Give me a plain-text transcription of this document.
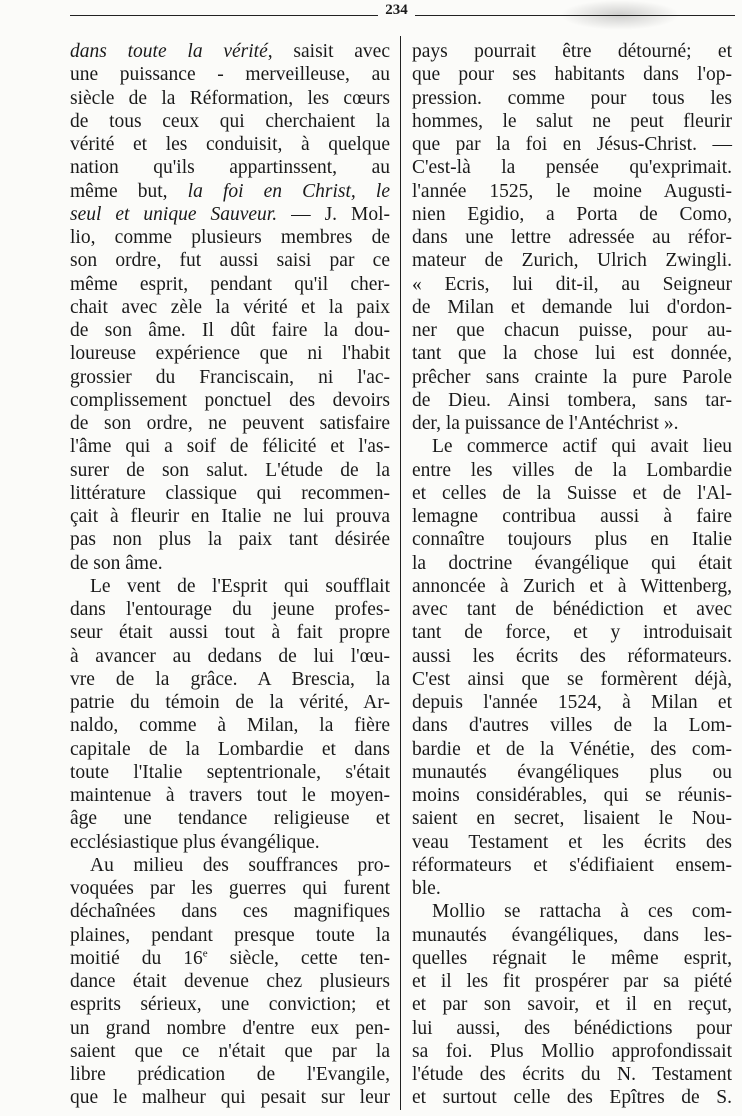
234
dans toute la vérité, saisit avec
une puissance - merveilleuse, au
siècle de la Réformation, les cœurs
de tous ceux qui cherchaient la
vérité et les conduisit, à quelque
nation qu'ils appartinssent, au
même but, la foi en Christ, le
seul et unique Sauveur. — J. Mol-
lio, comme plusieurs membres de
son ordre, fut aussi saisi par ce
même esprit, pendant qu'il cher-
chait avec zèle la vérité et la paix
de son âme. Il dût faire la dou-
loureuse expérience que ni l'habit
grossier du Franciscain, ni l'ac-
complissement ponctuel des devoirs
de son ordre, ne peuvent satisfaire
l'âme qui a soif de félicité et l'as-
surer de son salut. L'étude de la
littérature classique qui recommen-
çait à fleurir en Italie ne lui prouva
pas non plus la paix tant désirée
de son âme.
Le vent de l'Esprit qui soufflait
dans l'entourage du jeune profes-
seur était aussi tout à fait propre
à avancer au dedans de lui l'œu-
vre de la grâce. A Brescia, la
patrie du témoin de la vérité, Ar-
naldo, comme à Milan, la fière
capitale de la Lombardie et dans
toute l'Italie septentrionale, s'était
maintenue à travers tout le moyen-
âge une tendance religieuse et
ecclésiastique plus évangélique.
Au milieu des souffrances pro-
voquées par les guerres qui furent
déchaînées dans ces magnifiques
plaines, pendant presque toute la
moitié du 16e siècle, cette ten-
dance était devenue chez plusieurs
esprits sérieux, une conviction; et
un grand nombre d'entre eux pen-
saient que ce n'était que par la
libre prédication de l'Evangile,
que le malheur qui pesait sur leur
pays pourrait être détourné; et
que pour ses habitants dans l'op-
pression. comme pour tous les
hommes, le salut ne peut fleurir
que par la foi en Jésus-Christ. —
C'est-là la pensée qu'exprimait.
l'année 1525, le moine Augusti-
nien Egidio, a Porta de Como,
dans une lettre adressée au réfor-
mateur de Zurich, Ulrich Zwingli.
« Ecris, lui dit-il, au Seigneur
de Milan et demande lui d'ordon-
ner que chacun puisse, pour au-
tant que la chose lui est donnée,
prêcher sans crainte la pure Parole
de Dieu. Ainsi tombera, sans tar-
der, la puissance de l'Antéchrist ».
Le commerce actif qui avait lieu
entre les villes de la Lombardie
et celles de la Suisse et de l'Al-
lemagne contribua aussi à faire
connaître toujours plus en Italie
la doctrine évangélique qui était
annoncée à Zurich et à Wittenberg,
avec tant de bénédiction et avec
tant de force, et y introduisait
aussi les écrits des réformateurs.
C'est ainsi que se formèrent déjà,
depuis l'année 1524, à Milan et
dans d'autres villes de la Lom-
bardie et de la Vénétie, des com-
munautés évangéliques plus ou
moins considérables, qui se réunis-
saient en secret, lisaient le Nou-
veau Testament et les écrits des
réformateurs et s'édifiaient ensem-
ble.
Mollio se rattacha à ces com-
munautés évangéliques, dans les-
quelles régnait le même esprit,
et il les fit prospérer par sa piété
et par son savoir, et il en reçut,
lui aussi, des bénédictions pour
sa foi. Plus Mollio approfondissait
l'étude des écrits du N. Testament
et surtout celle des Epîtres de S.
